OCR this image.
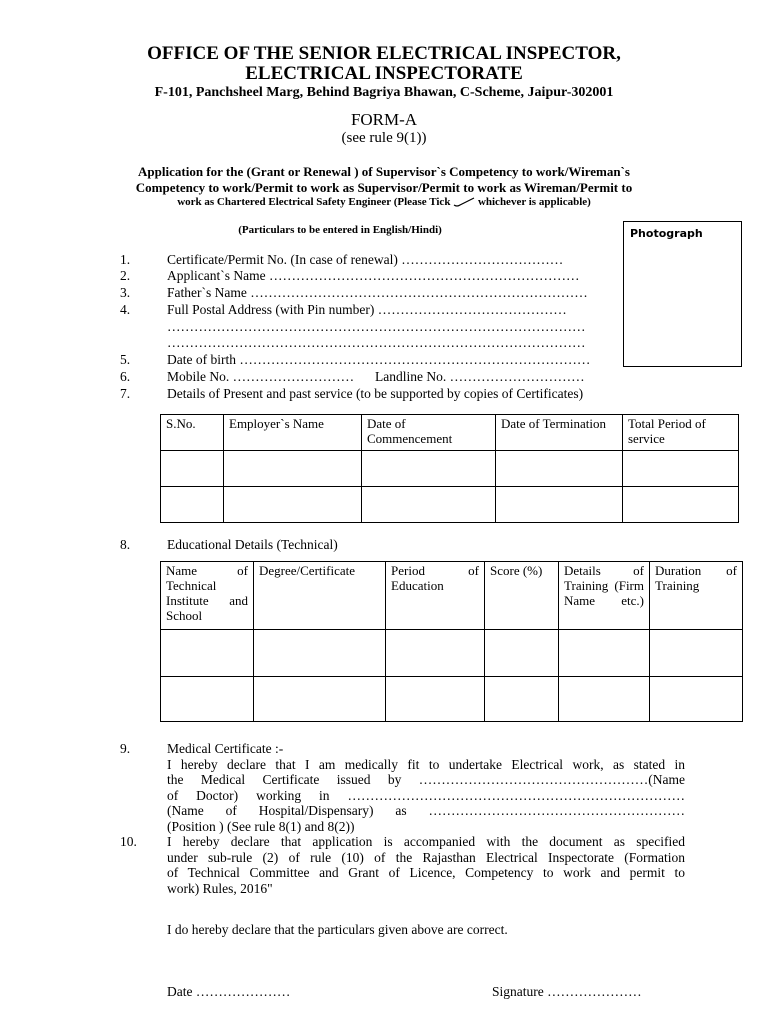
OFFICE OF THE SENIOR ELECTRICAL INSPECTOR,
ELECTRICAL INSPECTORATE
F-101, Panchsheel Marg, Behind Bagriya Bhawan, C-Scheme, Jaipur-302001
FORM-A
(see rule 9(1))
Application for the (Grant or Renewal ) of Supervisor`s Competency to work/Wireman`s
Competency to work/Permit to work as Supervisor/Permit to work as Wireman/Permit to
work as Chartered Electrical Safety Engineer (Please Tick	whichever is applicable)
(Particulars to be entered in English/Hindi)	Photograph
1.	Certificate/Permit No. (In case of renewal) ………………………………
2.	Applicant`s Name ……………………………………………………………
3.	Father`s Name …………………………………………………………………
4.	Full Postal Address (with Pin number) ……………………………………
…………………………………………………………………………………
…………………………………………………………………………………
5.	Date of birth ……………………………………………………………………
6.	Mobile No. ……………………… Landline No. …………………………
7.	Details of Present and past service (to be supported by copies of Certificates)
S.No.	Employer`s Name	Date of Commencement	Date of Termination	Total Period of service

8.	Educational Details (Technical)
Name of Technical Institute and School	Degree/Certificate	Period of Education	Score (%)	Details of Training (Firm Name etc.)	Duration of Training

9.	Medical Certificate :-
I hereby declare that I am medically fit to undertake Electrical work, as stated in
the Medical Certificate issued by ……………………………………………(Name
of Doctor) working in …………………………………………………………………
(Name of Hospital/Dispensary) as …………………………………………………
(Position ) (See rule 8(1) and 8(2))
10. I hereby declare that application is accompanied with the document as specified
under sub-rule (2) of rule (10) of the Rajasthan Electrical Inspectorate (Formation
of Technical Committee and Grant of Licence, Competency to work and permit to
work) Rules, 2016"
I do hereby declare that the particulars given above are correct.
Date …………………	Signature …………………
